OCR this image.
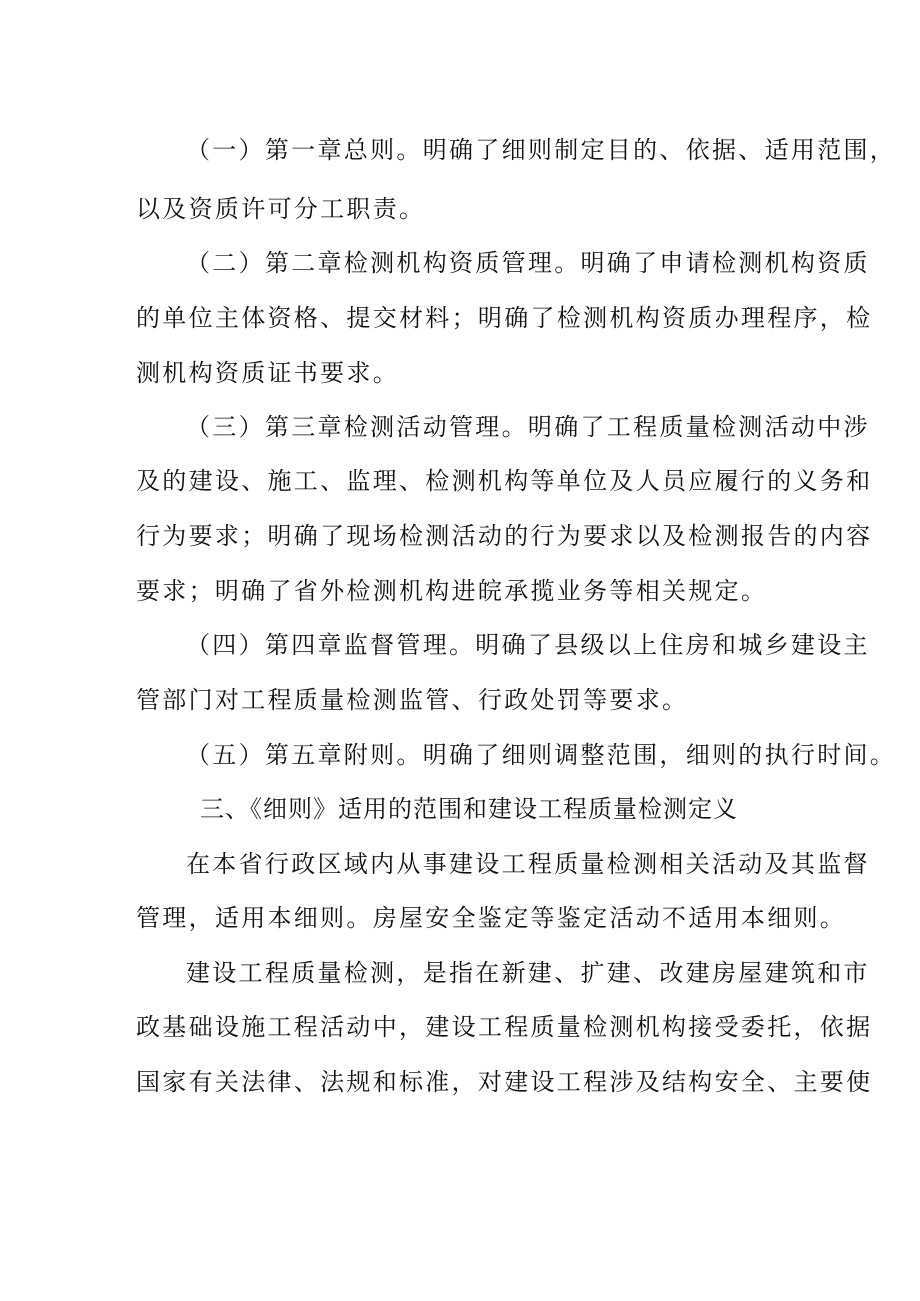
（一）第一章总则。明确了细则制定目的、依据、适用范围，
以及资质许可分工职责。
（二）第二章检测机构资质管理。明确了申请检测机构资质
的单位主体资格、提交材料；明确了检测机构资质办理程序，检
测机构资质证书要求。
（三）第三章检测活动管理。明确了工程质量检测活动中涉
及的建设、施工、监理、检测机构等单位及人员应履行的义务和
行为要求；明确了现场检测活动的行为要求以及检测报告的内容
要求；明确了省外检测机构进皖承揽业务等相关规定。
（四）第四章监督管理。明确了县级以上住房和城乡建设主
管部门对工程质量检测监管、行政处罚等要求。
（五）第五章附则。明确了细则调整范围，细则的执行时间。
三、《细则》适用的范围和建设工程质量检测定义
在本省行政区域内从事建设工程质量检测相关活动及其监督
管理，适用本细则。房屋安全鉴定等鉴定活动不适用本细则。
建设工程质量检测，是指在新建、扩建、改建房屋建筑和市
政基础设施工程活动中，建设工程质量检测机构接受委托，依据
国家有关法律、法规和标准，对建设工程涉及结构安全、主要使
